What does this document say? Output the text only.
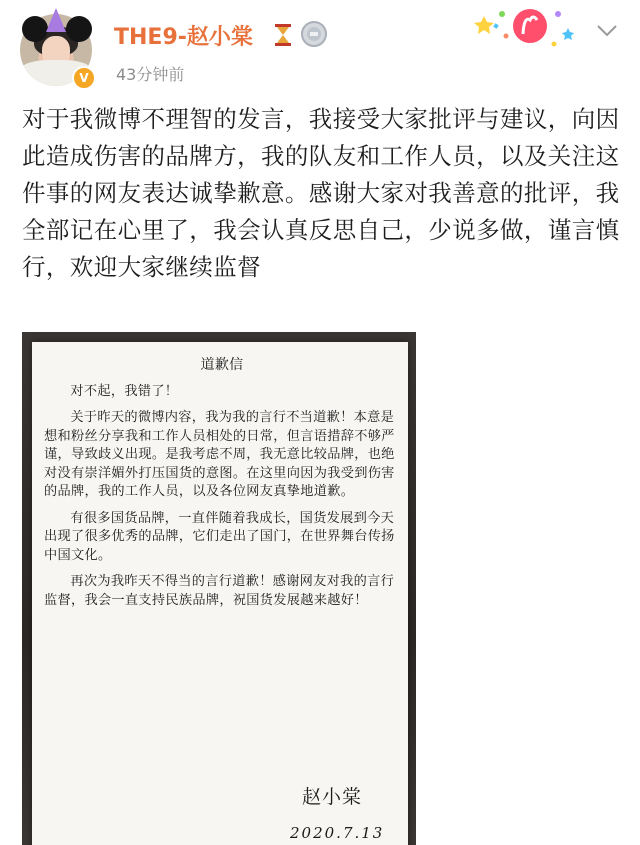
V
THE9-赵小棠
43分钟前
对于我微博不理智的发言，我接受大家批评与建议，向因此造成伤害的品牌方，我的队友和工作人员，以及关注这件事的网友表达诚挚歉意。感谢大家对我善意的批评，我全部记在心里了，我会认真反思自己，少说多做，谨言慎行，欢迎大家继续监督
道歉信

对不起，我错了！

关于昨天的微博内容，我为我的言行不当道歉！本意是想和粉丝分享我和工作人员相处的日常，但言语措辞不够严谨，导致歧义出现。是我考虑不周，我无意比较品牌，也绝对没有崇洋媚外打压国货的意图。在这里向因为我受到伤害的品牌，我的工作人员，以及各位网友真挚地道歉。

有很多国货品牌，一直伴随着我成长，国货发展到今天出现了很多优秀的品牌，它们走出了国门，在世界舞台传扬中国文化。

再次为我昨天不得当的言行道歉！感谢网友对我的言行监督，我会一直支持民族品牌，祝国货发展越来越好！

赵小棠
2020.7.13
